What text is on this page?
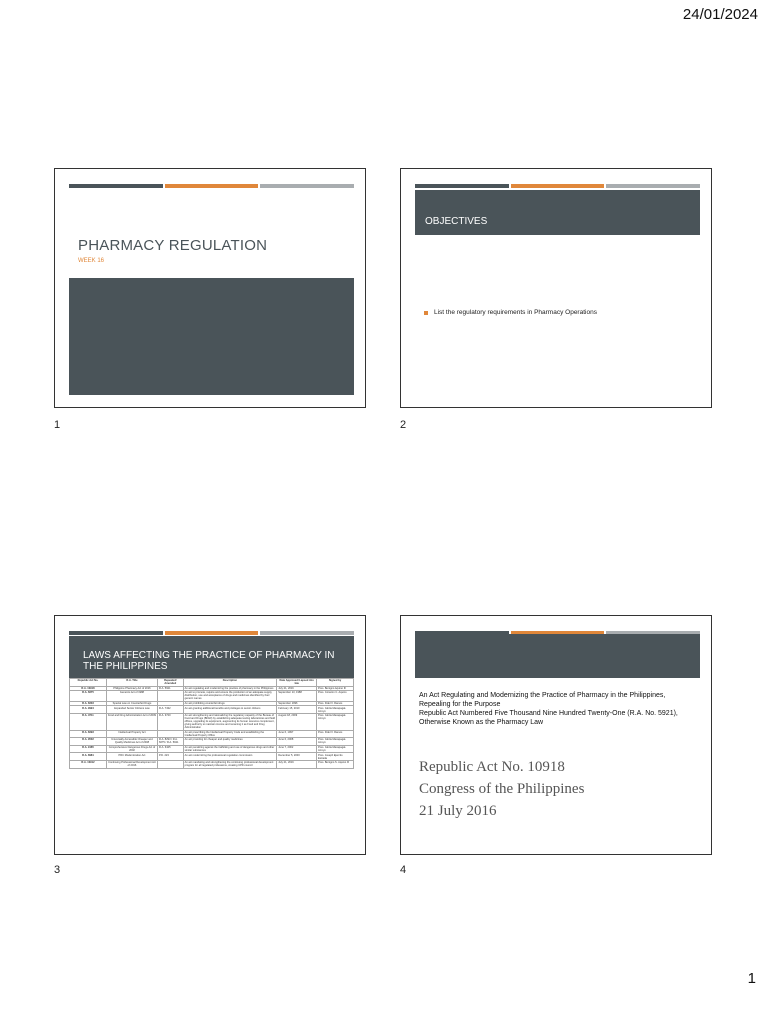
24/01/2024
PHARMACY REGULATION
WEEK 16
1
OBJECTIVES
List the regulatory requirements in Pharmacy Operations
2
LAWS AFFECTING THE PRACTICE OF PHARMACY IN THE PHILIPPINES
Republic Act No.	R.A. Title	Repealed/ Amended	Description	Date Approved/ Lapsed into law	Signed by
R.A. 10918	Philippine Pharmacy Act of 2016	R.A. 5921	An act regulating and modernizing the practice of pharmacy in the Philippines	July 21, 2016	Pres. Benigno Aquino III
R.A. 6675	Generics Act of 1988		An act to promote, require and ensure the production of an adequate supply, distribution, use and acceptance of drugs and medicines identified by their generic names	September 13, 1988	Pres. Corazon C. Aquino
R.A. 8203	Special Law on Counterfeit Drugs		An act prohibiting counterfeit drugs	September 1996	Pres. Fidel V. Ramos
R.A. 9994	Expanded Senior Citizens Law	R.A. 7432	An act granting additional benefits and privileges to senior citizens	February 15, 2010	Pres. Gloria Macapagal-Arroyo
R.A. 9711	Food and Drug Administration Act of 2009	R.A. 3720	An act strengthening and rationalizing the regulatory capacity of the Bureau of Food and Drugs (BFAD) by establishing adequate testing laboratories and field offices, upgrading its equipment, augmenting its human resource complement, giving authority to maintain income and renaming it as Food and Drug Administration	August 18, 2009	Pres. Gloria Macapagal-Arroyo
R.A. 8293	Intellectual Property Act		An act prescribing the Intellectual Property Code and establishing the Intellectual Property Office	June 6, 1997	Pres. Fidel V. Ramos
R.A. 9502	Universally Accessible Cheaper and Quality Medicines Act of 2008	R.A. 8293 / R.A. 6675 / R.A. 5921	An act providing for cheaper and quality medicines	June 6, 2008	Pres. Gloria Macapagal-Arroyo
R.A. 9165	Comprehensive Dangerous Drugs Act of 2002	R.A. 6425	An act penalizing against the trafficking and use of dangerous drugs and other similar substances	June 7, 2002	Pres. Gloria Macapagal-Arroyo
R.A. 8981	PRC Modernization Act	P.D. 223	An act modernizing the professional regulation commission	December 5, 2000	Pres. Joseph Ejercito Estrada
R.A. 10912	Continuing Professional Development Act of 2016		An act mandating and strengthening the continuing professional development program for all regulated professions, creating CPD council	July 21, 2016	Pres. Benigno S. Aquino III
3
An Act Regulating and Modernizing the Practice of Pharmacy in the Philippines,
Repealing for the Purpose
Republic Act Numbered Five Thousand Nine Hundred Twenty-One (R.A. No. 5921),
Otherwise Known as the Pharmacy Law
Republic Act No. 10918
Congress of the Philippines
21 July 2016
4
1
